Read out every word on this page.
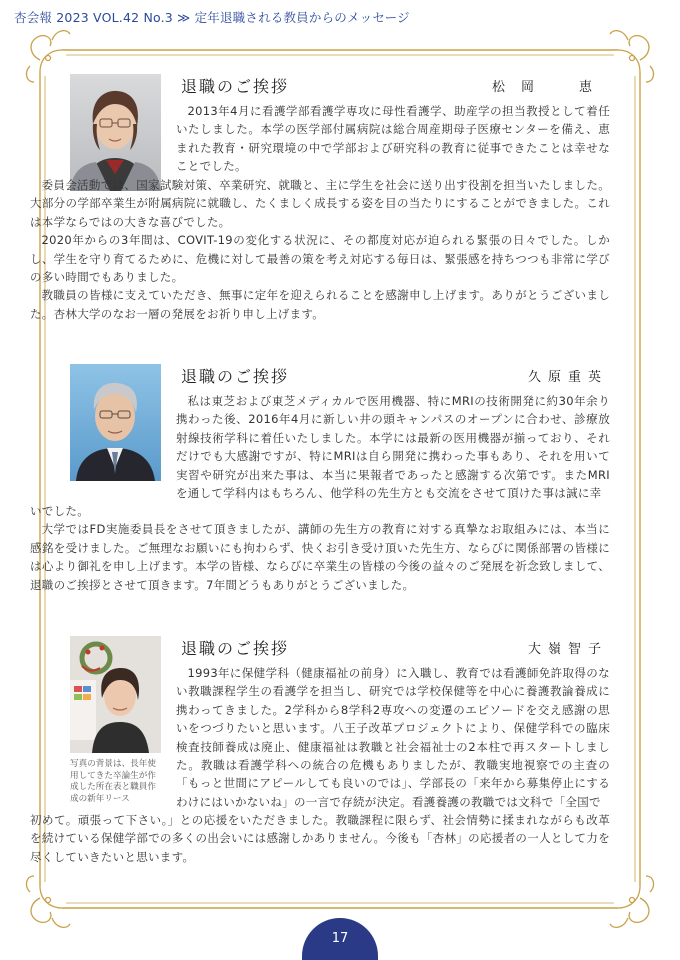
杏会報 2023 VOL.42 No.3 ≫ 定年退職される教員からのメッセージ
退職のご挨拶	松岡　恵

2013年4月に看護学部看護学専攻に母性看護学、助産学の担当教授として着任いたしました。本学の医学部付属病院は総合周産期母子医療センターを備え、恵まれた教育・研究環境の中で学部および研究科の教育に従事できたことは幸せなことでした。

委員会活動では、国家試験対策、卒業研究、就職と、主に学生を社会に送り出す役割を担当いたしました。大部分の学部卒業生が附属病院に就職し、たくましく成長する姿を目の当たりにすることができました。これは本学ならではの大きな喜びでした。

2020年からの3年間は、COVIT-19の変化する状況に、その都度対応が迫られる緊張の日々でした。しかし、学生を守り育てるために、危機に対して最善の策を考え対応する毎日は、緊張感を持ちつつも非常に学びの多い時間でもありました。

教職員の皆様に支えていただき、無事に定年を迎えられることを感謝申し上げます。ありがとうございました。杏林大学のなお一層の発展をお祈り申し上げます。

退職のご挨拶	久原重英

私は東芝および東芝メディカルで医用機器、特にMRIの技術開発に約30年余り携わった後、2016年4月に新しい井の頭キャンパスのオープンに合わせ、診療放射線技術学科に着任いたしました。本学には最新の医用機器が揃っており、それだけでも大感謝ですが、特にMRIは自ら開発に携わった事もあり、それを用いて実習や研究が出来た事は、本当に果報者であったと感謝する次第です。またMRIを通して学科内はもちろん、他学科の先生方とも交流をさせて頂けた事は誠に幸

いでした。

大学ではFD実施委員長をさせて頂きましたが、講師の先生方の教育に対する真摯なお取組みには、本当に感銘を受けました。ご無理なお願いにも拘わらず、快くお引き受け頂いた先生方、ならびに関係部署の皆様には心より御礼を申し上げます。本学の皆様、ならびに卒業生の皆様の今後の益々のご発展を祈念致しまして、退職のご挨拶とさせて頂きます。7年間どうもありがとうございました。

写真の背景は、長年使用してきた卒論生が作成した所在表と職員作成の新年リース
退職のご挨拶	大嶺智子

1993年に保健学科（健康福祉の前身）に入職し、教育では看護師免許取得のない教職課程学生の看護学を担当し、研究では学校保健等を中心に養護教論養成に携わってきました。2学科から8学科2専攻への変遷のエピソードを交え感謝の思いをつづりたいと思います。八王子改革プロジェクトにより、保健学科での臨床検査技師養成は廃止、健康福祉は教職と社会福祉士の2本柱で再スタートしました。教職は看護学科への統合の危機もありましたが、教職実地視察での主査の「もっと世間にアピールしても良いのでは」、学部長の「来年から募集停止にするわけにはいかないね」の一言で存続が決定。看護養護の教職では文科で「全国で

初めて。頑張って下さい。」との応援をいただきました。教職課程に限らず、社会情勢に揉まれながらも改革を続けている保健学部での多くの出会いには感謝しかありません。今後も「杏林」の応援者の一人として力を尽くしていきたいと思います。

17
